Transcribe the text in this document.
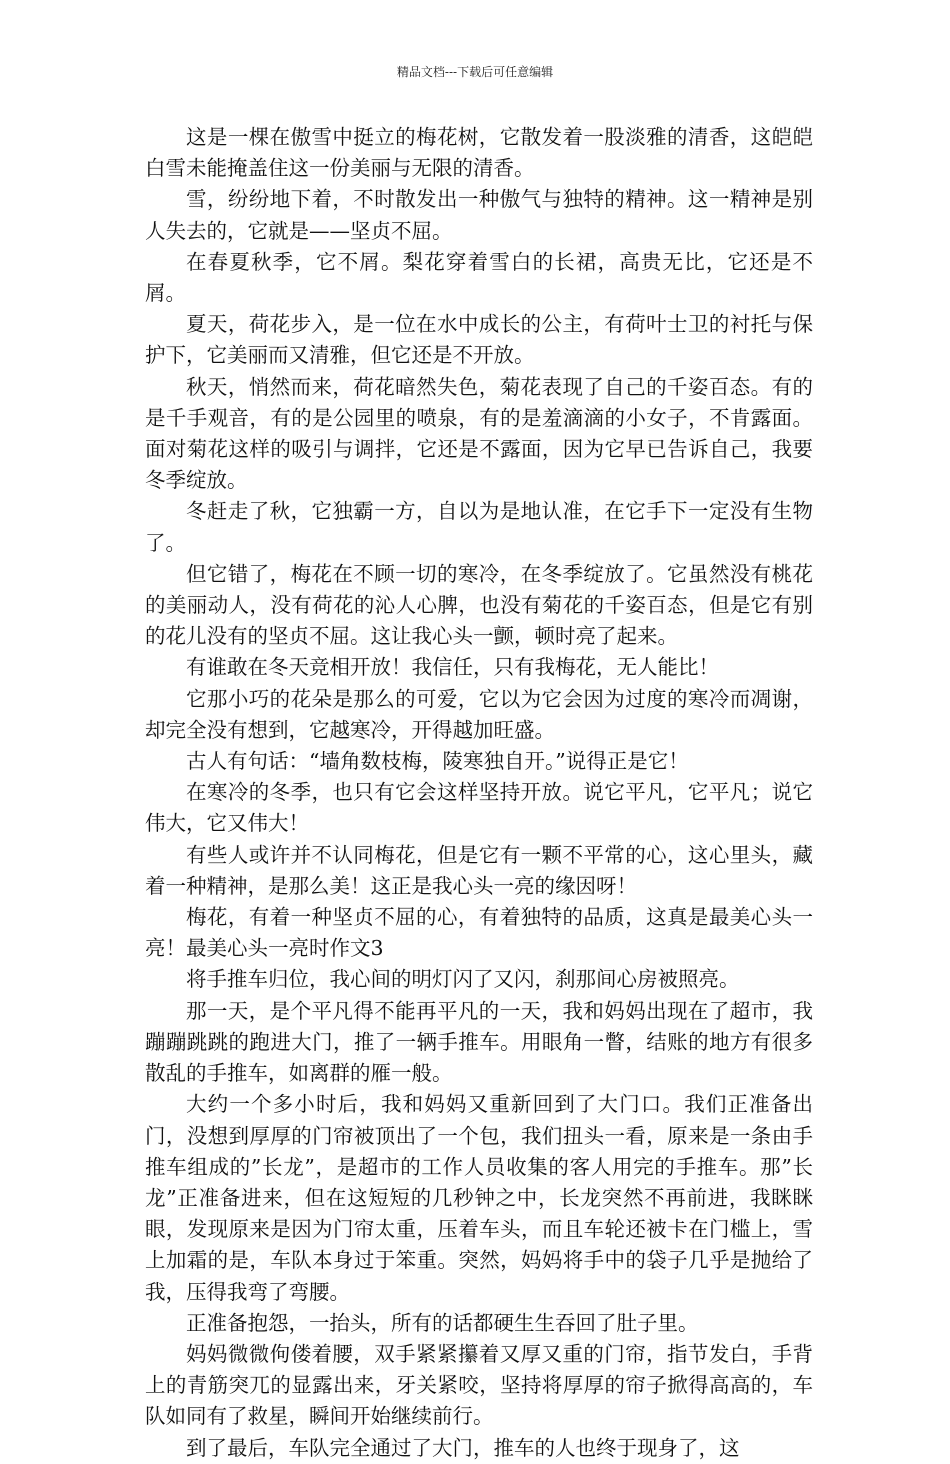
精品文档---下载后可任意编辑

这是一棵在傲雪中挺立的梅花树，它散发着一股淡雅的清香，这皑皑白雪未能掩盖住这一份美丽与无限的清香。

雪，纷纷地下着，不时散发出一种傲气与独特的精神。这一精神是别人失去的，它就是——坚贞不屈。

在春夏秋季，它不屑。梨花穿着雪白的长裙，高贵无比，它还是不屑。

夏天，荷花步入，是一位在水中成长的公主，有荷叶士卫的衬托与保护下，它美丽而又清雅，但它还是不开放。

秋天，悄然而来，荷花暗然失色，菊花表现了自己的千姿百态。有的是千手观音，有的是公园里的喷泉，有的是羞滴滴的小女子，不肯露面。面对菊花这样的吸引与调拌，它还是不露面，因为它早已告诉自己，我要冬季绽放。

冬赶走了秋，它独霸一方，自以为是地认准，在它手下一定没有生物了。

但它错了，梅花在不顾一切的寒冷，在冬季绽放了。它虽然没有桃花的美丽动人，没有荷花的沁人心脾，也没有菊花的千姿百态，但是它有别的花儿没有的坚贞不屈。这让我心头一颤，顿时亮了起来。

有谁敢在冬天竞相开放！我信任，只有我梅花，无人能比！

它那小巧的花朵是那么的可爱，它以为它会因为过度的寒冷而凋谢，却完全没有想到，它越寒冷，开得越加旺盛。

古人有句话：“墙角数枝梅，陵寒独自开。”说得正是它！

在寒冷的冬季，也只有它会这样坚持开放。说它平凡，它平凡；说它伟大，它又伟大！

有些人或许并不认同梅花，但是它有一颗不平常的心，这心里头，藏着一种精神，是那么美！这正是我心头一亮的缘因呀！

梅花，有着一种坚贞不屈的心，有着独特的品质，这真是最美心头一亮！最美心头一亮时作文3

将手推车归位，我心间的明灯闪了又闪，刹那间心房被照亮。

那一天，是个平凡得不能再平凡的一天，我和妈妈出现在了超市，我蹦蹦跳跳的跑进大门，推了一辆手推车。用眼角一瞥，结账的地方有很多散乱的手推车，如离群的雁一般。

大约一个多小时后，我和妈妈又重新回到了大门口。我们正准备出门，没想到厚厚的门帘被顶出了一个包，我们扭头一看，原来是一条由手推车组成的”长龙”，是超市的工作人员收集的客人用完的手推车。那”长龙”正准备进来，但在这短短的几秒钟之中，长龙突然不再前进，我眯眯眼，发现原来是因为门帘太重，压着车头，而且车轮还被卡在门槛上，雪上加霜的是，车队本身过于笨重。突然，妈妈将手中的袋子几乎是抛给了我，压得我弯了弯腰。

正准备抱怨，一抬头，所有的话都硬生生吞回了肚子里。

妈妈微微佝偻着腰，双手紧紧攥着又厚又重的门帘，指节发白，手背上的青筋突兀的显露出来，牙关紧咬，坚持将厚厚的帘子掀得高高的，车队如同有了救星，瞬间开始继续前行。

到了最后，车队完全通过了大门，推车的人也终于现身了，这
